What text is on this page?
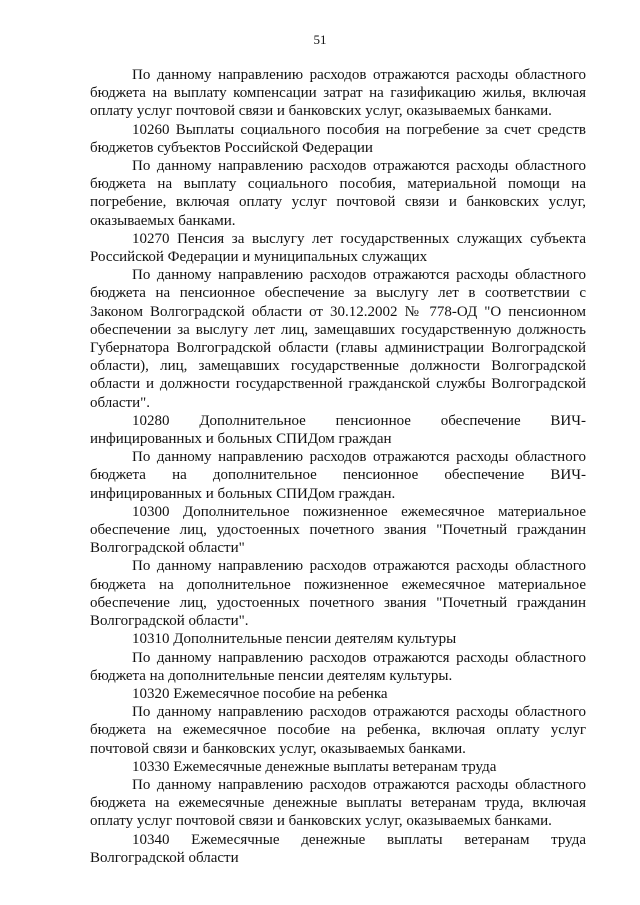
51

По данному направлению расходов отражаются расходы областного бюджета на выплату компенсации затрат на газификацию жилья, включая оплату услуг почтовой связи и банковских услуг, оказываемых банками.

10260 Выплаты социального пособия на погребение за счет средств бюджетов субъектов Российской Федерации

По данному направлению расходов отражаются расходы областного бюджета на выплату социального пособия, материальной помощи на погребение, включая оплату услуг почтовой связи и банковских услуг, оказываемых банками.

10270 Пенсия за выслугу лет государственных служащих субъекта Российской Федерации и муниципальных служащих

По данному направлению расходов отражаются расходы областного бюджета на пенсионное обеспечение за выслугу лет в соответствии с Законом Волгоградской области от 30.12.2002 № 778-ОД "О пенсионном обеспечении за выслугу лет лиц, замещавших государственную должность Губернатора Волгоградской области (главы администрации Волгоградской области), лиц, замещавших государственные должности Волгоградской области и должности государственной гражданской службы Волгоградской области".

10280 Дополнительное пенсионное обеспечение ВИЧ-
инфицированных и больных СПИДом граждан

По данному направлению расходов отражаются расходы областного
бюджета на дополнительное пенсионное обеспечение ВИЧ-
инфицированных и больных СПИДом граждан.

10300 Дополнительное пожизненное ежемесячное материальное обеспечение лиц, удостоенных почетного звания "Почетный гражданин Волгоградской области"

По данному направлению расходов отражаются расходы областного бюджета на дополнительное пожизненное ежемесячное материальное обеспечение лиц, удостоенных почетного звания "Почетный гражданин Волгоградской области".

10310 Дополнительные пенсии деятелям культуры

По данному направлению расходов отражаются расходы областного бюджета на дополнительные пенсии деятелям культуры.

10320 Ежемесячное пособие на ребенка

По данному направлению расходов отражаются расходы областного бюджета на ежемесячное пособие на ребенка, включая оплату услуг почтовой связи и банковских услуг, оказываемых банками.

10330 Ежемесячные денежные выплаты ветеранам труда

По данному направлению расходов отражаются расходы областного бюджета на ежемесячные денежные выплаты ветеранам труда, включая оплату услуг почтовой связи и банковских услуг, оказываемых банками.

10340 Ежемесячные денежные выплаты ветеранам труда
Волгоградской области
